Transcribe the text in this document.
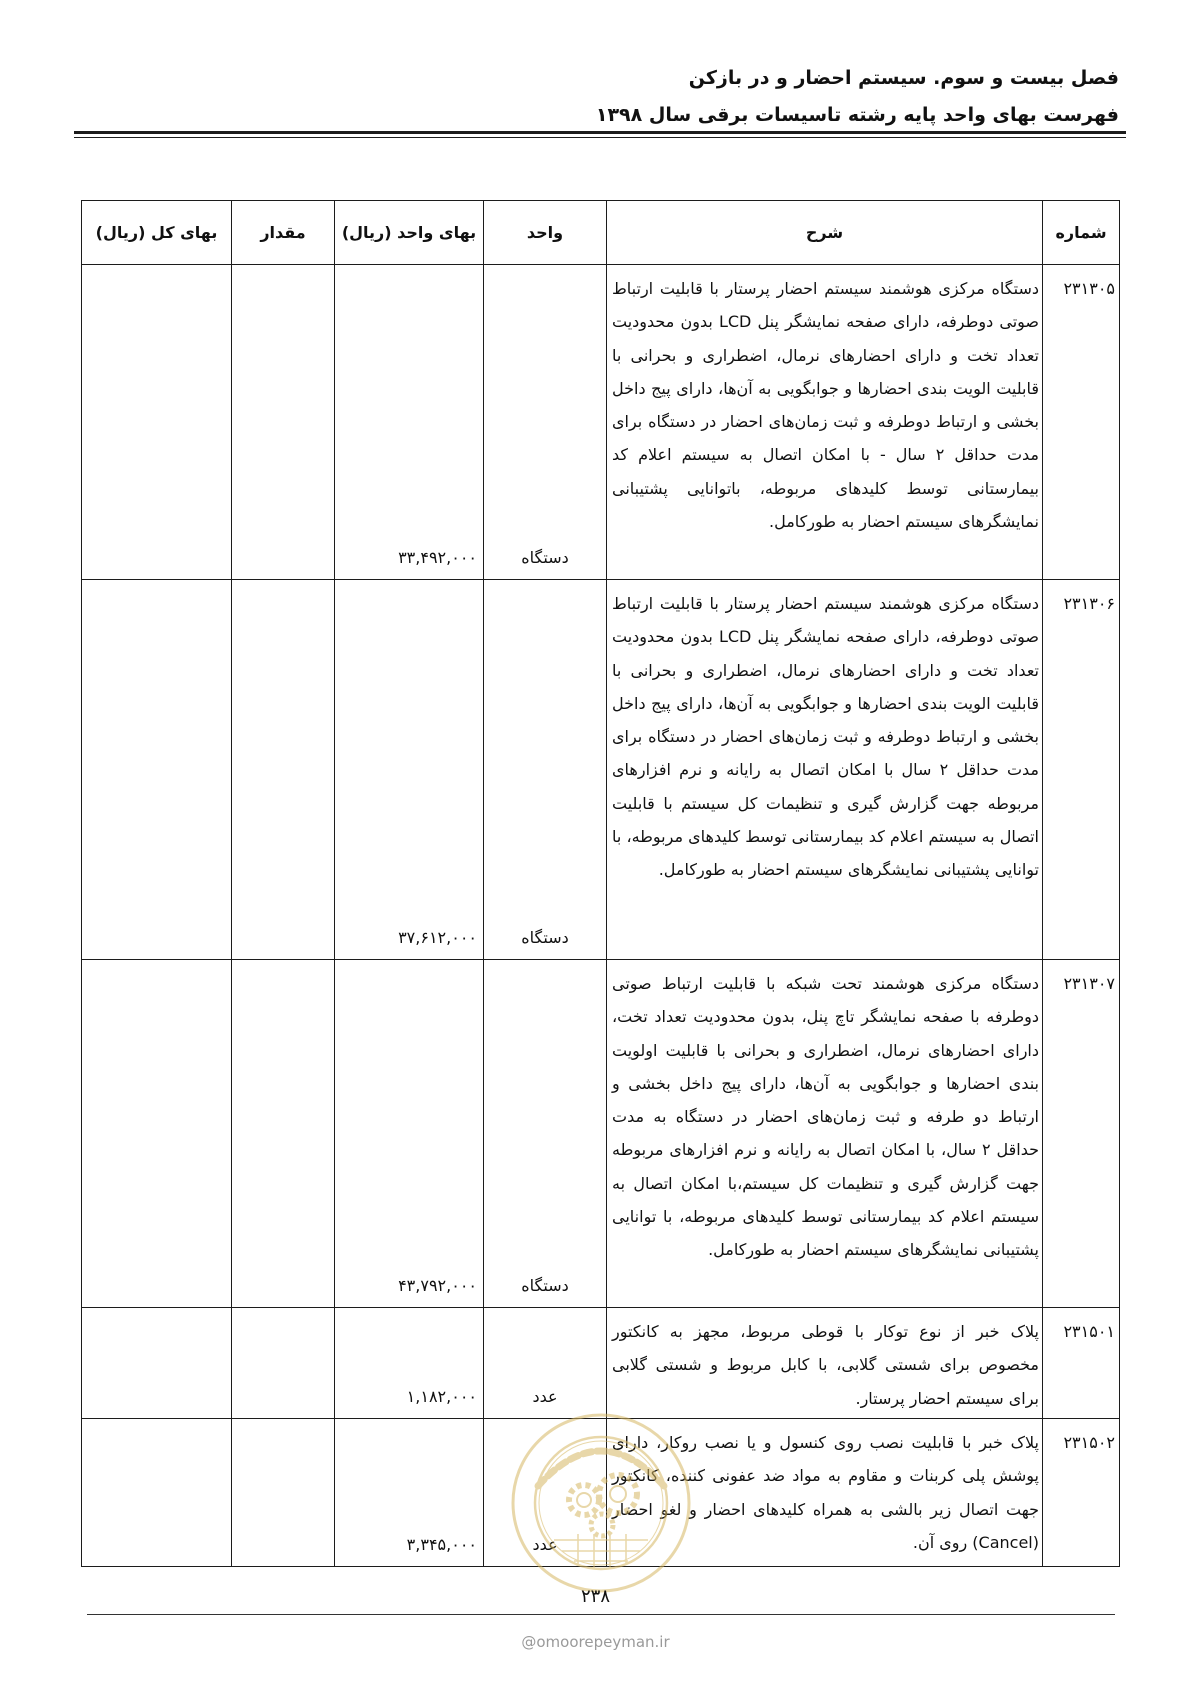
فصل بیست و سوم. سیستم احضار و در بازکن
فهرست بهای واحد پایه رشته تاسیسات برقی سال ۱۳۹۸
شماره	شرح	واحد	بهای واحد (ریال)	مقدار	بهای کل (ریال)
۲۳۱۳۰۵	دستگاه مرکزی هوشمند سیستم احضار پرستار با قابلیت ارتباط صوتی دوطرفه، دارای صفحه نمایشگر پنل LCD بدون محدودیت تعداد تخت و دارای احضارهای نرمال، اضطراری و بحرانی با قابلیت الویت بندی احضارها و جوابگویی به آن‌ها، دارای پیج داخل بخشی و ارتباط دوطرفه و ثبت زمان‌های احضار در دستگاه برای مدت حداقل ۲ سال - با امکان اتصال به سیستم اعلام کد بیمارستانی توسط کلیدهای مربوطه، باتوانایی پشتیبانی نمایشگرهای سیستم احضار به طورکامل.	دستگاه	۳۳,۴۹۲,۰۰۰		
۲۳۱۳۰۶	دستگاه مرکزی هوشمند سیستم احضار پرستار با قابلیت ارتباط صوتی دوطرفه، دارای صفحه نمایشگر پنل LCD بدون محدودیت تعداد تخت و دارای احضارهای نرمال، اضطراری و بحرانی با قابلیت الویت بندی احضارها و جوابگویی به آن‌ها، دارای پیج داخل بخشی و ارتباط دوطرفه و ثبت زمان‌های احضار در دستگاه برای مدت حداقل ۲ سال با امکان اتصال به رایانه و نرم افزارهای مربوطه جهت گزارش گیری و تنظیمات کل سیستم با قابلیت اتصال به سیستم اعلام کد بیمارستانی توسط کلیدهای مربوطه، با توانایی پشتیبانی نمایشگرهای سیستم احضار به طورکامل.	دستگاه	۳۷,۶۱۲,۰۰۰		
۲۳۱۳۰۷	دستگاه مرکزی هوشمند تحت شبکه با قابلیت ارتباط صوتی دوطرفه با صفحه نمایشگر تاچ پنل، بدون محدودیت تعداد تخت، دارای احضارهای نرمال، اضطراری و بحرانی با قابلیت اولویت بندی احضارها و جوابگویی به آن‌ها، دارای پیج داخل بخشی و ارتباط دو طرفه و ثبت زمان‌های احضار در دستگاه به مدت حداقل ۲ سال، با امکان اتصال به رایانه و نرم افزارهای مربوطه جهت گزارش گیری و تنظیمات کل سیستم،با امکان اتصال به سیستم اعلام کد بیمارستانی توسط کلیدهای مربوطه، با توانایی پشتیبانی نمایشگرهای سیستم احضار به طورکامل.	دستگاه	۴۳,۷۹۲,۰۰۰		
۲۳۱۵۰۱	پلاک خبر از نوع توکار با قوطی مربوط، مجهز به کانکتور مخصوص برای شستی گلابی، با کابل مربوط و شستی گلابی برای سیستم احضار پرستار.	عدد	۱,۱۸۲,۰۰۰		
۲۳۱۵۰۲	پلاک خبر با قابلیت نصب روی کنسول و یا نصب روکار، دارای پوشش پلی کربنات و مقاوم به مواد ضد عفونی کننده، کانکتور جهت اتصال زیر بالشی به همراه کلیدهای احضار و لغو احضار (Cancel) روی آن.	عدد	۳,۳۴۵,۰۰۰		
۲۳۸
@omoorepeyman.ir
